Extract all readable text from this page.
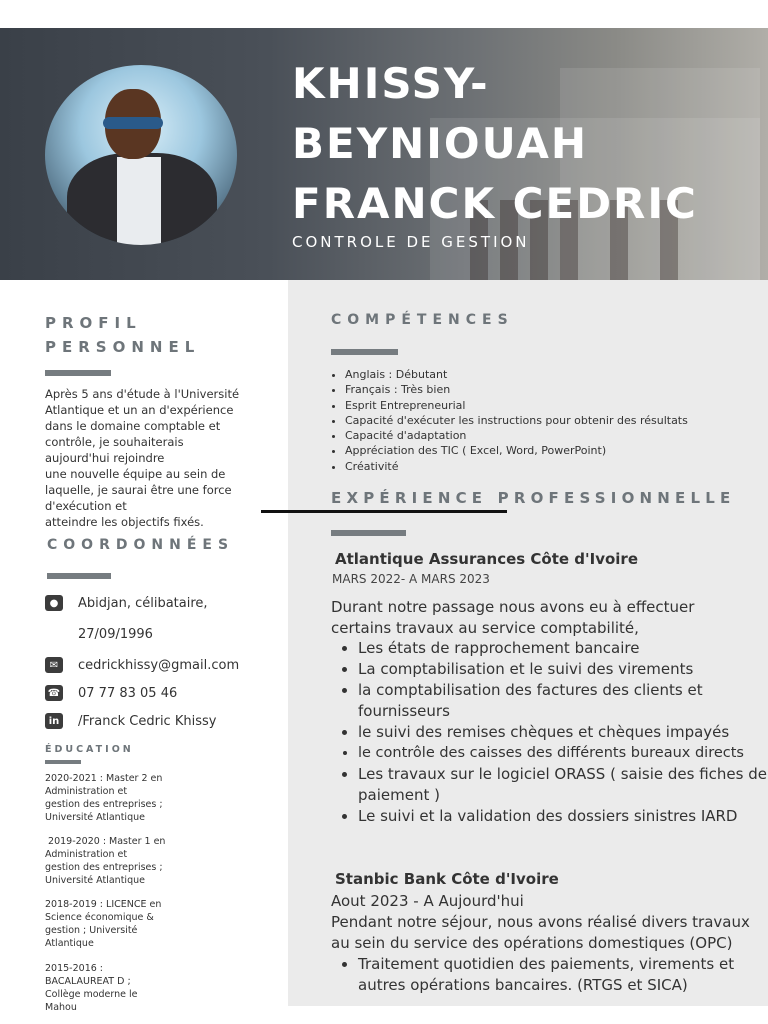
KHISSY-
BEYNIOUAH
FRANCK CEDRIC
CONTROLE DE GESTION
PROFIL
PERSONNEL
Après 5 ans d'étude à l'Université
Atlantique et un an d'expérience
dans le domaine comptable et
contrôle, je souhaiterais
aujourd'hui rejoindre
une nouvelle équipe au sein de
laquelle, je saurai être une force
d'exécution et
atteindre les objectifs fixés.
COORDONNÉES
●	Abidjan, célibataire,
27/09/1996
✉	cedrickhissy@gmail.com
☎ 07 77 83 05 46
in /Franck Cedric Khissy
ÉDUCATION
2020-2021 : Master 2 en
Administration et
gestion des entreprises ;
Université Atlantique
2019-2020 : Master 1 en
Administration et
gestion des entreprises ;
Université Atlantique
2018-2019 : LICENCE en
Science économique &
gestion ; Université
Atlantique
2015-2016 :
BACALAUREAT D ;
Collège moderne le
Mahou
COMPÉTENCES
• Anglais : Débutant
• Français : Très bien
• Esprit Entrepreneurial
• Capacité d'exécuter les instructions pour obtenir des résultats
• Capacité d'adaptation
• Appréciation des TIC ( Excel, Word, PowerPoint)
• Créativité
EXPÉRIENCE PROFESSIONNELLE
Atlantique Assurances Côte d'Ivoire
MARS 2022- A MARS 2023
Durant notre passage nous avons eu à effectuer
certains travaux au service comptabilité,
• Les états de rapprochement bancaire
• La comptabilisation et le suivi des virements
• la comptabilisation des factures des clients et fournisseurs
• le suivi des remises chèques et chèques impayés
• le contrôle des caisses des différents bureaux directs
• Les travaux sur le logiciel ORASS ( saisie des fiches de paiement )
• Le suivi et la validation des dossiers sinistres IARD
Stanbic Bank Côte d'Ivoire
Aout 2023 - A Aujourd'hui
Pendant notre séjour, nous avons réalisé divers travaux
au sein du service des opérations domestiques (OPC)
• Traitement quotidien des paiements, virements et autres opérations bancaires. (RTGS et SICA)
